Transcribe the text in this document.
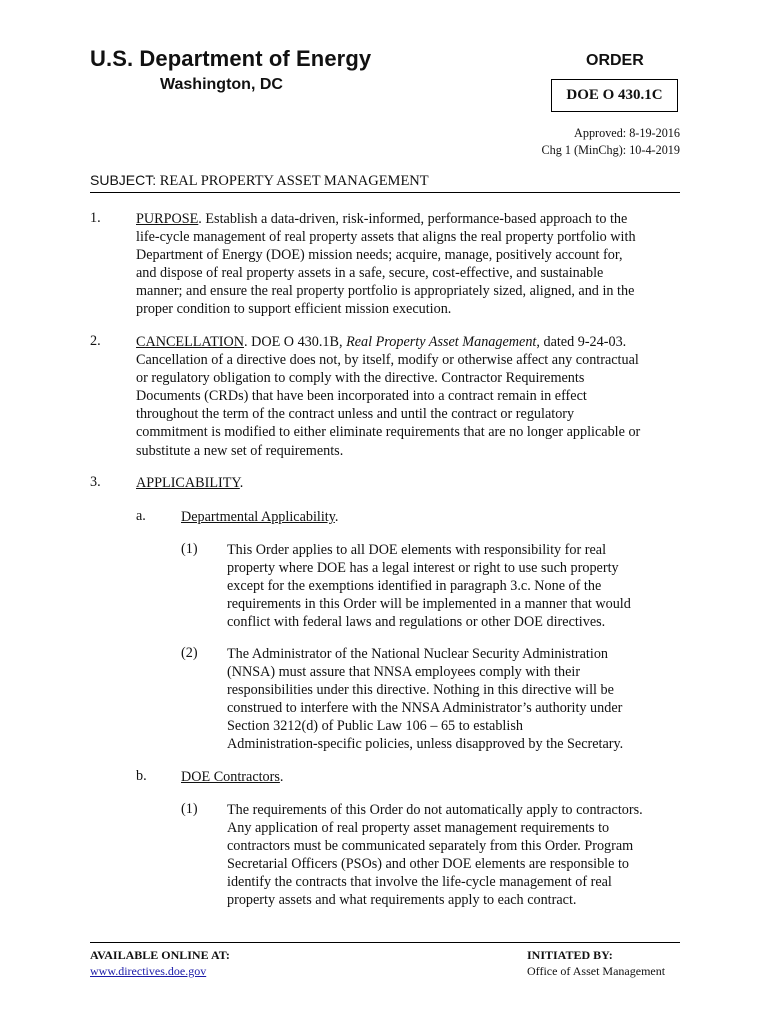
U.S. Department of Energy
Washington, DC
ORDER
DOE O 430.1C
Approved: 8-19-2016
Chg 1 (MinChg): 10-4-2019
SUBJECT: REAL PROPERTY ASSET MANAGEMENT
1. PURPOSE. Establish a data-driven, risk-informed, performance-based approach to the
life-cycle management of real property assets that aligns the real property portfolio with
Department of Energy (DOE) mission needs; acquire, manage, positively account for,
and dispose of real property assets in a safe, secure, cost-effective, and sustainable
manner; and ensure the real property portfolio is appropriately sized, aligned, and in the
proper condition to support efficient mission execution.
2. CANCELLATION. DOE O 430.1B, Real Property Asset Management, dated 9-24-03.
Cancellation of a directive does not, by itself, modify or otherwise affect any contractual
or regulatory obligation to comply with the directive. Contractor Requirements
Documents (CRDs) that have been incorporated into a contract remain in effect
throughout the term of the contract unless and until the contract or regulatory
commitment is modified to either eliminate requirements that are no longer applicable or
substitute a new set of requirements.
3. APPLICABILITY.
a. Departmental Applicability.
(1) This Order applies to all DOE elements with responsibility for real
property where DOE has a legal interest or right to use such property
except for the exemptions identified in paragraph 3.c. None of the
requirements in this Order will be implemented in a manner that would
conflict with federal laws and regulations or other DOE directives.
(2) The Administrator of the National Nuclear Security Administration
(NNSA) must assure that NNSA employees comply with their
responsibilities under this directive. Nothing in this directive will be
construed to interfere with the NNSA Administrator’s authority under
Section 3212(d) of Public Law 106 – 65 to establish
Administration-specific policies, unless disapproved by the Secretary.
b. DOE Contractors.
(1) The requirements of this Order do not automatically apply to contractors.
Any application of real property asset management requirements to
contractors must be communicated separately from this Order. Program
Secretarial Officers (PSOs) and other DOE elements are responsible to
identify the contracts that involve the life-cycle management of real
property assets and what requirements apply to each contract.
AVAILABLE ONLINE AT:
www.directives.doe.gov
INITIATED BY:
Office of Asset Management
